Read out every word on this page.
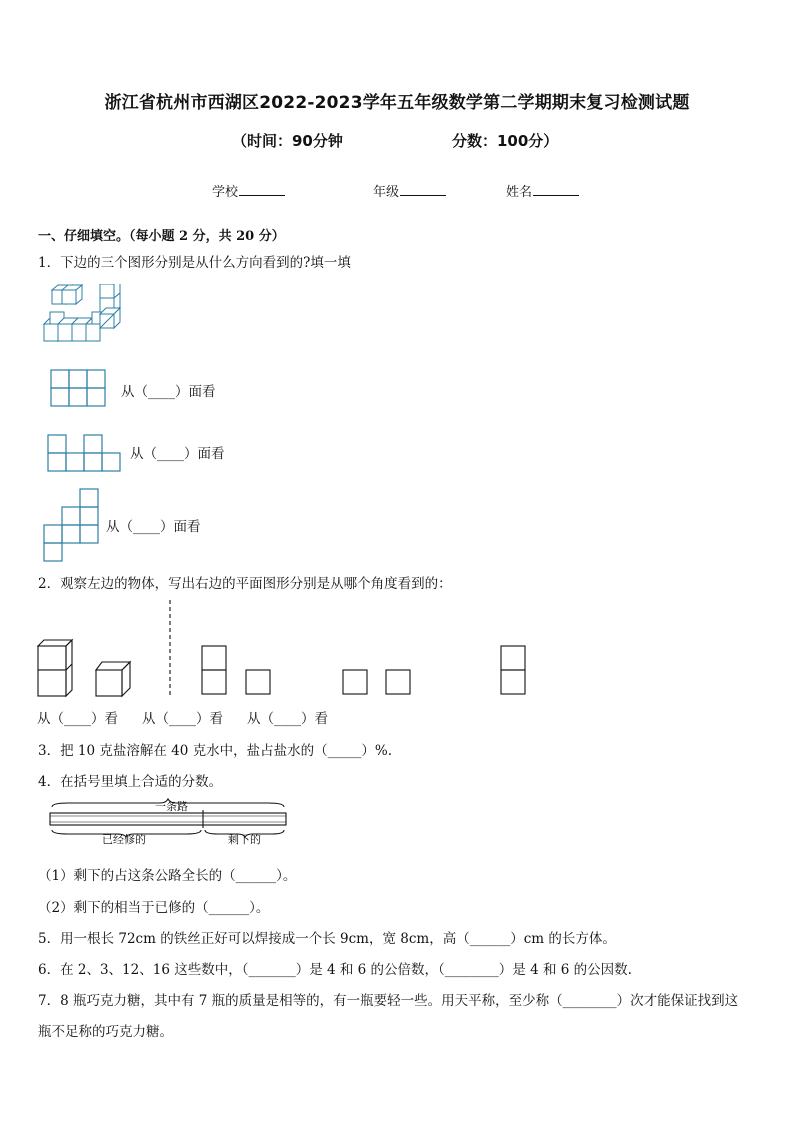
浙江省杭州市西湖区2022-2023学年五年级数学第二学期期末复习检测试题
（时间：90分钟	分数：100分）
学校	年级	姓名
一、仔细填空。（每小题 2 分，共 20 分）
1．下边的三个图形分别是从什么方向看到的?填一填
从（____）面看
从（____）面看
从（____）面看
2．观察左边的物体，写出右边的平面图形分别是从哪个角度看到的：
从（____）看 从（____）看 从（____）看
3．把 10 克盐溶解在 40 克水中，盐占盐水的（_____）%.
4．在括号里填上合适的分数。
一条路
已经修的	剩下的
（1）剩下的占这条公路全长的（______）。
（2）剩下的相当于已修的（______）。
5．用一根长 72cm 的铁丝正好可以焊接成一个长 9cm，宽 8cm，高（______）cm 的长方体。
6．在 2、3、12、16 这些数中，（_______）是 4 和 6 的公倍数，（________）是 4 和 6 的公因数.
7．8 瓶巧克力糖，其中有 7 瓶的质量是相等的，有一瓶要轻一些。用天平称，至少称（________）次才能保证找到这
瓶不足称的巧克力糖。
